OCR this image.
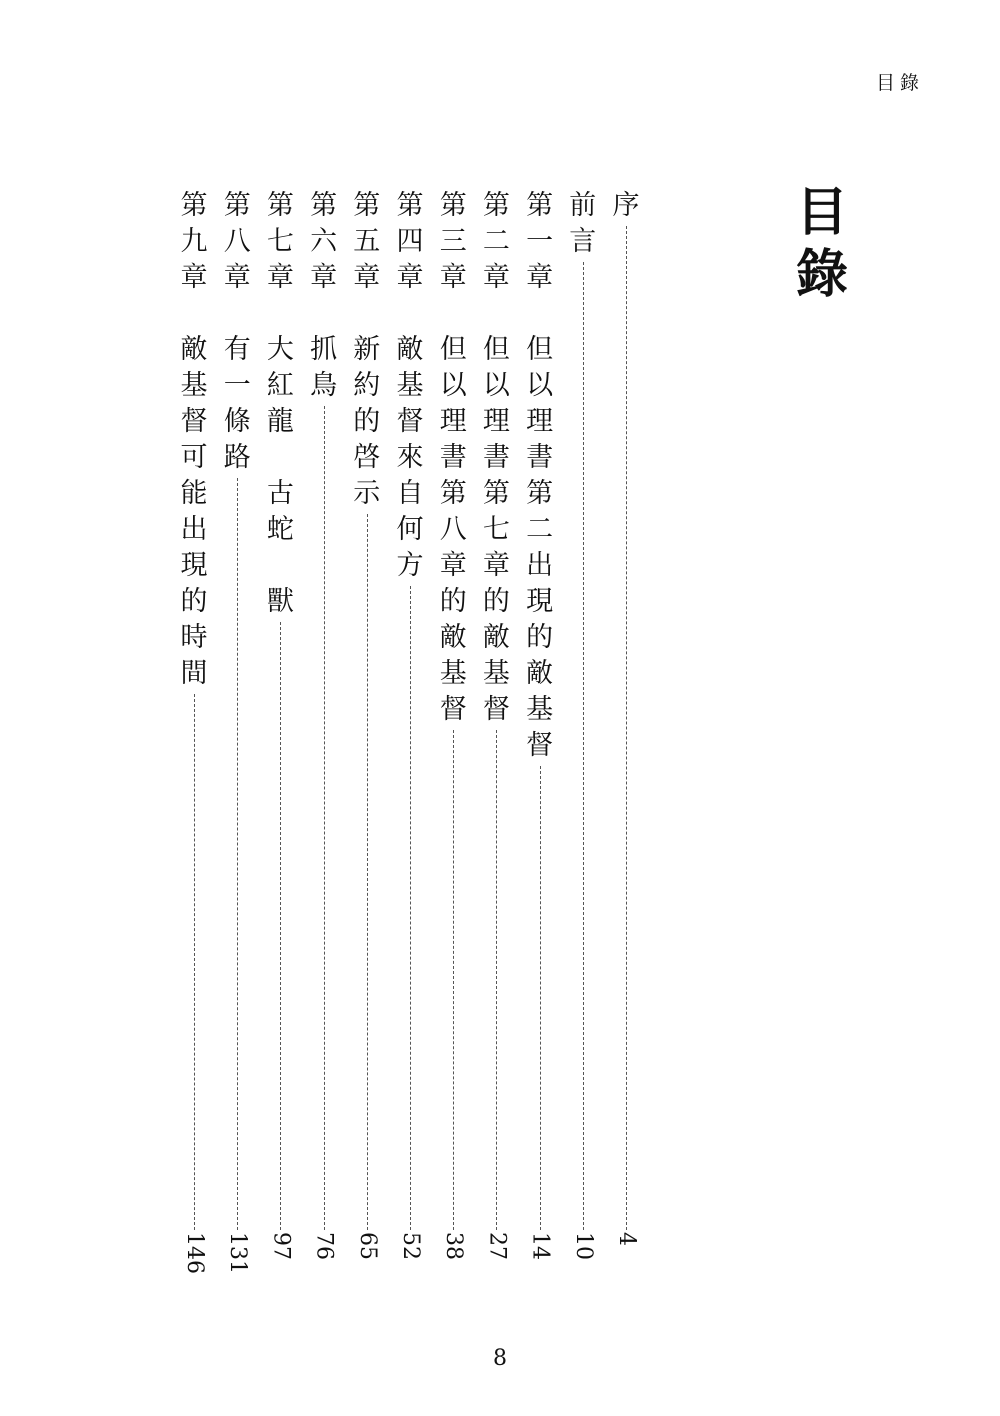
目錄
目
錄
序
4
前
言
10
第
一
章
但
以
理
書
第
二
出
現
的
敵
基
督
14
第
二
章
但
以
理
書
第
七
章
的
敵
基
督
27
第
三
章
但
以
理
書
第
八
章
的
敵
基
督
38
第
四
章
敵
基
督
來
自
何
方
52
第
五
章
新
約
的
啓
示
65
第
六
章
抓
鳥
76
第
七
章
大
紅
龍

古
蛇

獸
97
第
八
章
有
一
條
路
131
第
九
章
敵
基
督
可
能
出
現
的
時
間
146
8
